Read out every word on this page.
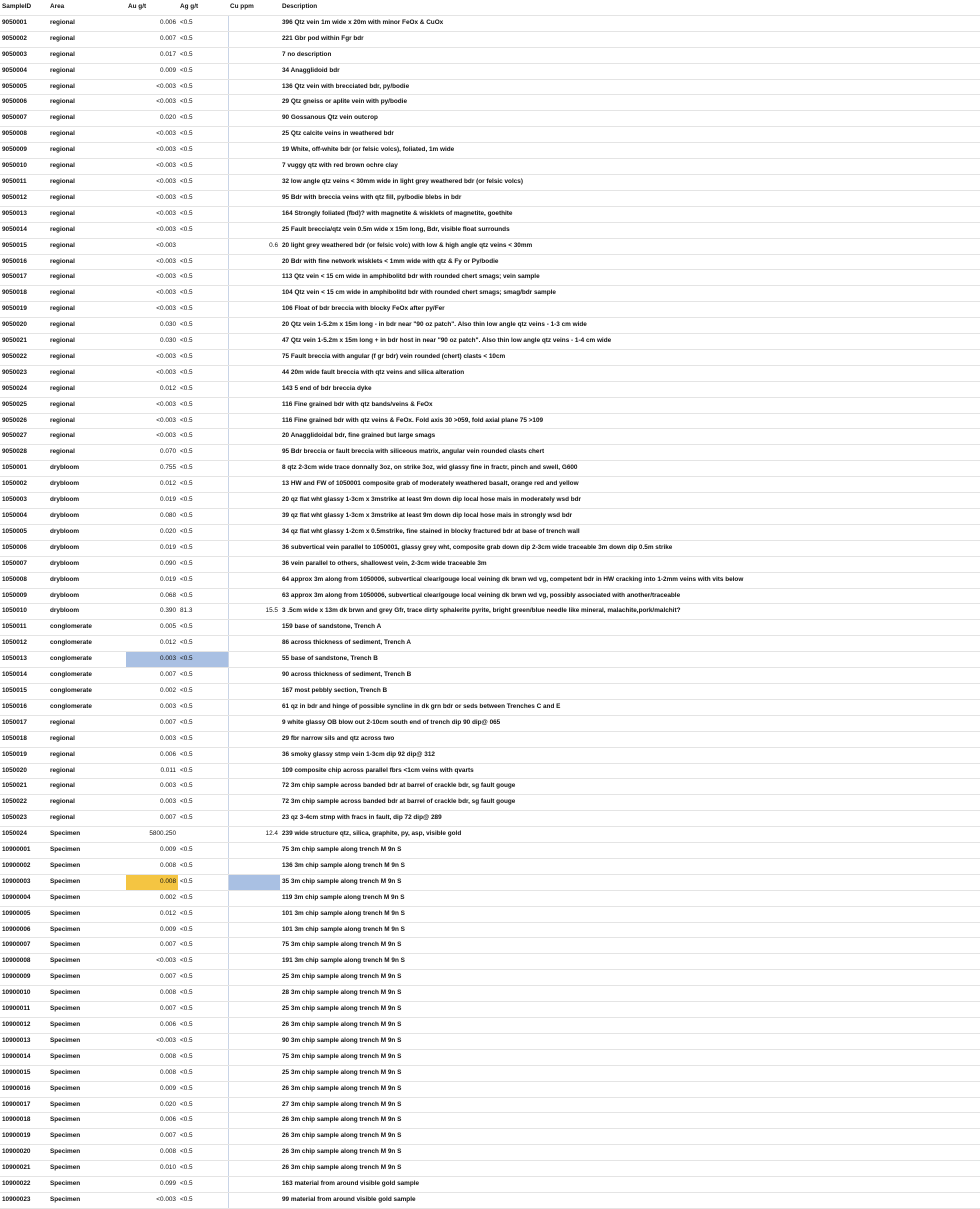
SampleID	Area	Au g/t	Ag g/t	Cu ppm	Description
9050001	regional	0.006	<0.5		396 Qtz vein 1m wide x 20m with minor FeOx & CuOx
9050002	regional	0.007	<0.5		221 Gbr pod within Fgr bdr
9050003	regional	0.017	<0.5		7 no description
9050004	regional	0.009	<0.5		34 Anagglidoid bdr
9050005	regional	<0.003	<0.5		136 Qtz vein with brecciated bdr, py/bodie
9050006	regional	<0.003	<0.5		29 Qtz gneiss or aplite vein with py/bodie
9050007	regional	0.020	<0.5		90 Gossanous Qtz vein outcrop
9050008	regional	<0.003	<0.5		25 Qtz calcite veins in weathered bdr
9050009	regional	<0.003	<0.5		19 White, off-white bdr (or felsic volcs), foliated, 1m wide
9050010	regional	<0.003	<0.5		7 vuggy qtz with red brown ochre clay
9050011	regional	<0.003	<0.5		32 low angle qtz veins < 30mm wide in light grey weathered bdr (or felsic volcs)
9050012	regional	<0.003	<0.5		95 Bdr with breccia veins with qtz fill, py/bodie blebs in bdr
9050013	regional	<0.003	<0.5		164 Strongly foliated (fbd)? with magnetite & wisklets of magnetite, goethite
9050014	regional	<0.003	<0.5		25 Fault breccia/qtz vein 0.5m wide x 15m long, Bdr, visible float surrounds
9050015	regional	<0.003		0.6	20 light grey weathered bdr (or felsic volc) with low & high angle qtz veins < 30mm
9050016	regional	<0.003	<0.5		20 Bdr with fine network wisklets < 1mm wide with qtz & Fy or Py/bodie
9050017	regional	<0.003	<0.5		113 Qtz vein < 15 cm wide in amphibolitd bdr with rounded chert smags; vein sample
9050018	regional	<0.003	<0.5		104 Qtz vein < 15 cm wide in amphibolitd bdr with rounded chert smags; smag/bdr sample
9050019	regional	<0.003	<0.5		106 Float of bdr breccia with blocky FeOx after py/Fer
9050020	regional	0.030	<0.5		20 Qtz vein 1-5.2m x 15m long - in bdr near "90 oz patch". Also thin low angle qtz veins - 1-3 cm wide
9050021	regional	0.030	<0.5		47 Qtz vein 1-5.2m x 15m long + in bdr host in near "90 oz patch". Also thin low angle qtz veins - 1-4 cm wide
9050022	regional	<0.003	<0.5		75 Fault breccia with angular (f gr bdr) vein rounded (chert) clasts < 10cm
9050023	regional	<0.003	<0.5		44 20m wide fault breccia with qtz veins and silica alteration
9050024	regional	0.012	<0.5		143 5 end of bdr breccia dyke
9050025	regional	<0.003	<0.5		116 Fine grained bdr with qtz bands/veins & FeOx
9050026	regional	<0.003	<0.5		116 Fine grained bdr with qtz veins & FeOx. Fold axis 30 >059, fold axial plane 75 >109
9050027	regional	<0.003	<0.5		20 Anagglidoidal bdr, fine grained but large smags
9050028	regional	0.070	<0.5		95 Bdr breccia or fault breccia with siliceous matrix, angular vein rounded clasts chert
1050001	drybloom	0.755	<0.5		8 qtz 2-3cm wide trace donnally 3oz, on strike 3oz, wid glassy fine in fractr, pinch and swell, G600
1050002	drybloom	0.012	<0.5		13 HW and FW of 1050001 composite grab of moderately weathered basalt, orange red and yellow
1050003	drybloom	0.019	<0.5		20 qz flat wht glassy 1-3cm x 3mstrike at least 9m down dip local hose mais in moderately wsd bdr
1050004	drybloom	0.080	<0.5		39 qz flat wht glassy 1-3cm x 3mstrike at least 9m down dip local hose mais in strongly wsd bdr
1050005	drybloom	0.020	<0.5		34 qz flat wht glassy 1-2cm x 0.5mstrike, fine stained in blocky fractured bdr at base of trench wall
1050006	drybloom	0.019	<0.5		36 subvertical vein parallel to 1050001, glassy grey wht, composite grab down dip 2-3cm wide traceable 3m down dip 0.5m strike
1050007	drybloom	0.090	<0.5		36 vein parallel to others, shallowest vein, 2-3cm wide traceable 3m
1050008	drybloom	0.019	<0.5		64 approx 3m along from 1050006, subvertical clear/gouge local veining dk brwn wd vg, competent bdr in HW cracking into 1-2mm veins with vits below
1050009	drybloom	0.068	<0.5		63 approx 3m along from 1050006, subvertical clear/gouge local veining dk brwn wd vg, possibly associated with another/traceable
1050010	drybloom	0.390	81.3	15.5	3 .5cm wide x 13m dk brwn and grey Gfr, trace dirty sphalerite pyrite, bright green/blue needle like mineral, malachite,pork/malchit?
1050011	conglomerate	0.005	<0.5		159 base of sandstone, Trench A
1050012	conglomerate	0.012	<0.5		86 across thickness of sediment, Trench A
1050013	conglomerate	0.003	<0.5		55 base of sandstone, Trench B
1050014	conglomerate	0.007	<0.5		90 across thickness of sediment, Trench B
1050015	conglomerate	0.002	<0.5		167 most pebbly section, Trench B
1050016	conglomerate	0.003	<0.5		61 qz in bdr and hinge of possible syncline in dk grn bdr or seds between Trenches C and E
1050017	regional	0.007	<0.5		9 white glassy OB blow out 2-10cm south end of trench dip 90 dip@ 065
1050018	regional	0.003	<0.5		29 fbr narrow sils and qtz across two
1050019	regional	0.006	<0.5		36 smoky glassy stmp vein 1-3cm dip 92 dip@ 312
1050020	regional	0.011	<0.5		109 composite chip across parallel fbrs <1cm veins with qvarts
1050021	regional	0.003	<0.5		72 3m chip sample across banded bdr at barrel of crackle bdr, sg fault gouge
1050022	regional	0.003	<0.5		72 3m chip sample across banded bdr at barrel of crackle bdr, sg fault gouge
1050023	regional	0.007	<0.5		23 qz 3-4cm stmp with fracs in fault, dip 72 dip@ 289
1050024	Specimen	5800.250		12.4	239 wide structure qtz, silica, graphite, py, asp, visible gold
10900001	Specimen	0.009	<0.5		75 3m chip sample along trench M 9n S
10900002	Specimen	0.008	<0.5		136 3m chip sample along trench M 9n S
10900003	Specimen	0.008	<0.5		35 3m chip sample along trench M 9n S
10900004	Specimen	0.002	<0.5		119 3m chip sample along trench M 9n S
10900005	Specimen	0.012	<0.5		101 3m chip sample along trench M 9n S
10900006	Specimen	0.009	<0.5		101 3m chip sample along trench M 9n S
10900007	Specimen	0.007	<0.5		75 3m chip sample along trench M 9n S
10900008	Specimen	<0.003	<0.5		191 3m chip sample along trench M 9n S
10900009	Specimen	0.007	<0.5		25 3m chip sample along trench M 9n S
10900010	Specimen	0.008	<0.5		28 3m chip sample along trench M 9n S
10900011	Specimen	0.007	<0.5		25 3m chip sample along trench M 9n S
10900012	Specimen	0.006	<0.5		26 3m chip sample along trench M 9n S
10900013	Specimen	<0.003	<0.5		90 3m chip sample along trench M 9n S
10900014	Specimen	0.008	<0.5		75 3m chip sample along trench M 9n S
10900015	Specimen	0.008	<0.5		25 3m chip sample along trench M 9n S
10900016	Specimen	0.009	<0.5		26 3m chip sample along trench M 9n S
10900017	Specimen	0.020	<0.5		27 3m chip sample along trench M 9n S
10900018	Specimen	0.006	<0.5		26 3m chip sample along trench M 9n S
10900019	Specimen	0.007	<0.5		26 3m chip sample along trench M 9n S
10900020	Specimen	0.008	<0.5		26 3m chip sample along trench M 9n S
10900021	Specimen	0.010	<0.5		26 3m chip sample along trench M 9n S
10900022	Specimen	0.099	<0.5		163 material from around visible gold sample
10900023	Specimen	<0.003	<0.5		99 material from around visible gold sample
